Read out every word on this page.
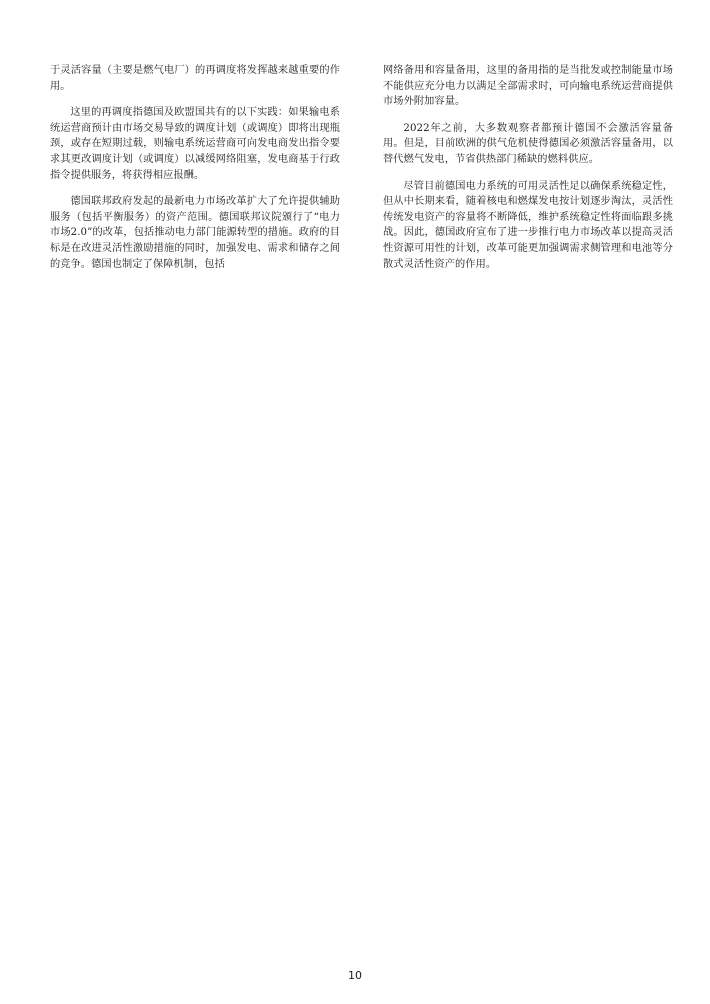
于灵活容量（主要是燃气电厂）的再调度将发挥越来越重要的作用。

这里的再调度指德国及欧盟国共有的以下实践：如果输电系统运营商预计由市场交易导致的调度计划（或调度）即将出现瓶颈，或存在短期过载，则输电系统运营商可向发电商发出指令要求其更改调度计划（或调度）以减缓网络阻塞，发电商基于行政指令提供服务，将获得相应报酬。

德国联邦政府发起的最新电力市场改革扩大了允许提供辅助服务（包括平衡服务）的资产范围。德国联邦议院颁行了“电力市场2.0”的改革，包括推动电力部门能源转型的措施。政府的目标是在改进灵活性激励措施的同时，加强发电、需求和储存之间的竞争。德国也制定了保障机制，包括

网络备用和容量备用，这里的备用指的是当批发或控制能量市场不能供应充分电力以满足全部需求时，可向输电系统运营商提供市场外附加容量。

2022年之前，大多数观察者都预计德国不会激活容量备用。但是，目前欧洲的供气危机使得德国必须激活容量备用，以替代燃气发电，节省供热部门稀缺的燃料供应。

尽管目前德国电力系统的可用灵活性足以确保系统稳定性，但从中长期来看，随着核电和燃煤发电按计划逐步淘汰，灵活性传统发电资产的容量将不断降低，维护系统稳定性将面临跟多挑战。因此，德国政府宣布了进一步推行电力市场改革以提高灵活性资源可用性的计划，改革可能更加强调需求侧管理和电池等分散式灵活性资产的作用。

10
